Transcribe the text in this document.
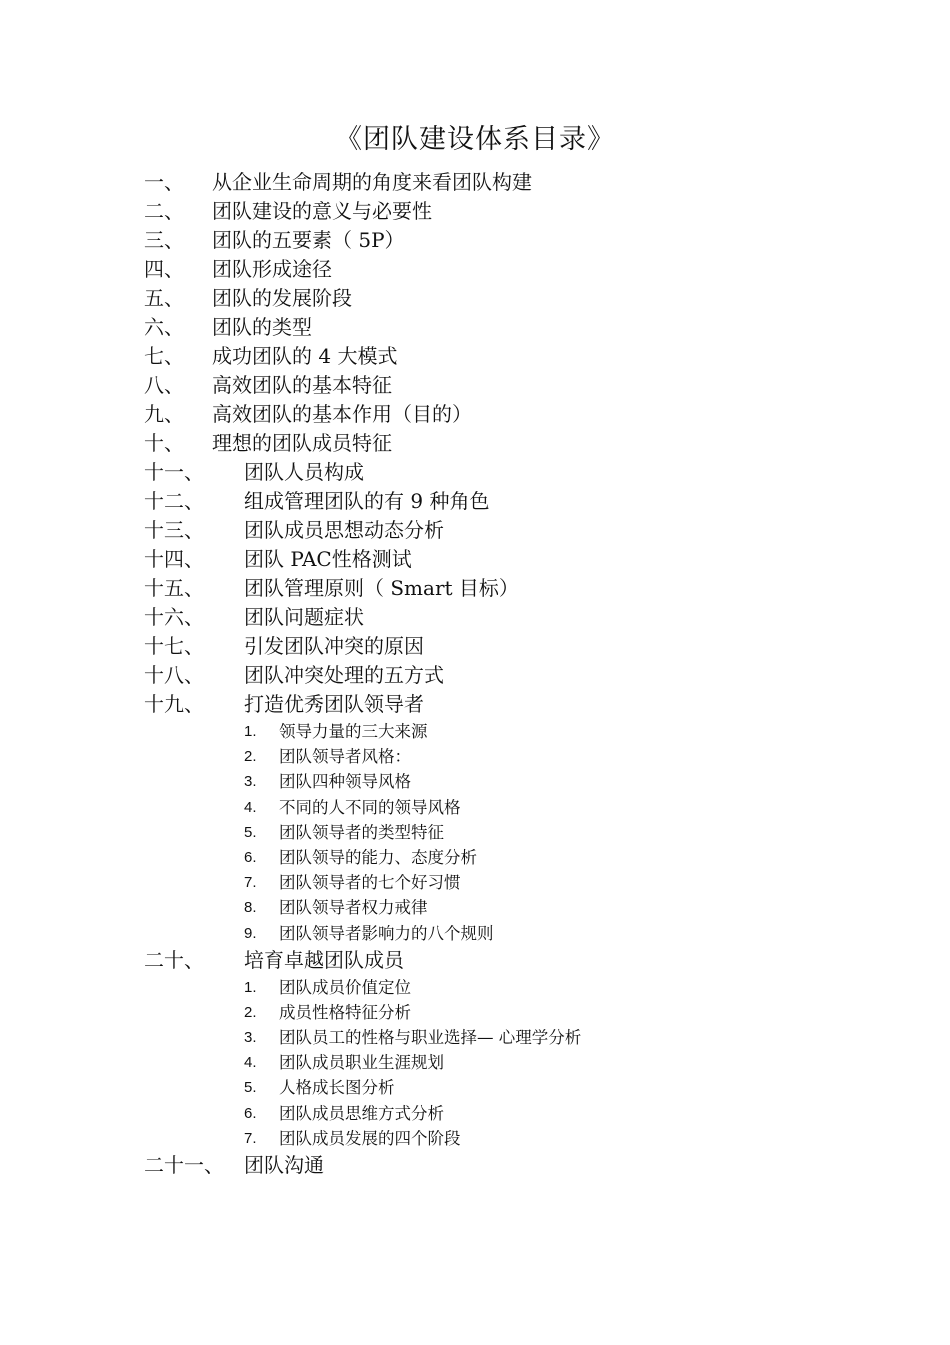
《团队建设体系目录》
一、 从企业生命周期的角度来看团队构建
二、 团队建设的意义与必要性
三、 团队的五要素（ 5P）
四、 团队形成途径
五、 团队的发展阶段
六、 团队的类型
七、 成功团队的 4 大模式
八、 高效团队的基本特征
九、 高效团队的基本作用（目的）
十、 理想的团队成员特征
十一、 团队人员构成
十二、 组成管理团队的有 9 种角色
十三、 团队成员思想动态分析
十四、 团队 PAC性格测试
十五、 团队管理原则（ Smart 目标）
十六、 团队问题症状
十七、 引发团队冲突的原因
十八、 团队冲突处理的五方式
十九、 打造优秀团队领导者
1. 领导力量的三大来源
2. 团队领导者风格：
3. 团队四种领导风格
4. 不同的人不同的领导风格
5. 团队领导者的类型特征
6. 团队领导的能力、态度分析
7. 团队领导者的七个好习惯
8. 团队领导者权力戒律
9. 团队领导者影响力的八个规则
二十、 培育卓越团队成员
1. 团队成员价值定位
2. 成员性格特征分析
3. 团队员工的性格与职业选择— 心理学分析
4. 团队成员职业生涯规划
5. 人格成长图分析
6. 团队成员思维方式分析
7. 团队成员发展的四个阶段
二十一、 团队沟通
